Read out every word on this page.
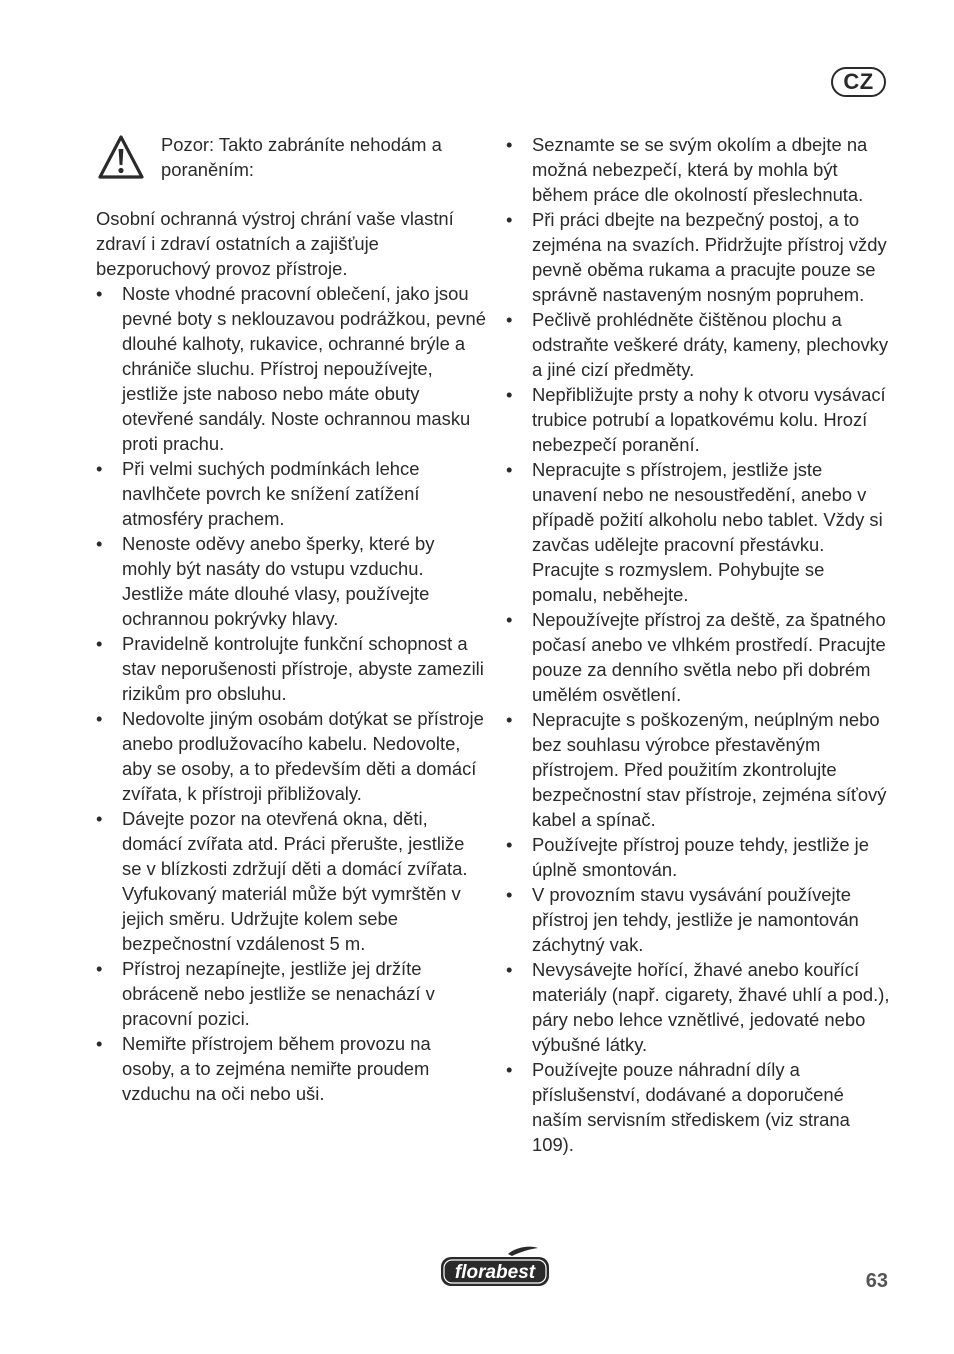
CZ
Pozor: Takto zabráníte nehodám a poraněním:

Osobní ochranná výstroj chrání vaše vlastní zdraví i zdraví ostatních a zajišťuje bezporuchový provoz přístroje.

•	Noste vhodné pracovní oblečení, jako jsou pevné boty s neklouzavou podrážkou, pevné dlouhé kalhoty, rukavice, ochranné brýle a chrániče sluchu. Přístroj nepoužívejte, jestliže jste naboso nebo máte obuty otevřené sandály. Noste ochrannou masku proti prachu.
•	Při velmi suchých podmínkách lehce navlhčete povrch ke snížení zatížení atmosféry prachem.
•	Nenoste oděvy anebo šperky, které by mohly být nasáty do vstupu vzduchu. Jestliže máte dlouhé vlasy, používejte ochrannou pokrývky hlavy.
•	Pravidelně kontrolujte funkční schopnost a stav neporušenosti přístroje, abyste zamezili rizikům pro obsluhu.
•	Nedovolte jiným osobám dotýkat se přístroje anebo prodlužovacího kabelu. Nedovolte, aby se osoby, a to především děti a domácí zvířata, k přístroji přibližovaly.
•	Dávejte pozor na otevřená okna, děti, domácí zvířata atd. Práci přerušte, jestliže se v blízkosti zdržují děti a domácí zvířata. Vyfukovaný materiál může být vymrštěn v jejich směru. Udržujte kolem sebe bezpečnostní vzdálenost 5 m.
•	Přístroj nezapínejte, jestliže jej držíte obráceně nebo jestliže se nenachází v pracovní pozici.
•	Nemiřte přístrojem během provozu na osoby, a to zejména nemiřte proudem vzduchu na oči nebo uši.
•	Seznamte se se svým okolím a dbejte na možná nebezpečí, která by mohla být během práce dle okolností přeslechnuta.
•	Při práci dbejte na bezpečný postoj, a to zejména na svazích. Přidržujte přístroj vždy pevně oběma rukama a pracujte pouze se správně nastaveným nosným popruhem.
•	Pečlivě prohlédněte čištěnou plochu a odstraňte veškeré dráty, kameny, plechovky a jiné cizí předměty.
•	Nepřibližujte prsty a nohy k otvoru vysávací trubice potrubí a lopatkovému kolu. Hrozí nebezpečí poranění.
•	Nepracujte s přístrojem, jestliže jste unavení nebo ne nesoustředění, anebo v případě požití alkoholu nebo tablet. Vždy si zavčas udělejte pracovní přestávku. Pracujte s rozmyslem. Pohybujte se pomalu, neběhejte.
•	Nepoužívejte přístroj za deště, za špatného počasí anebo ve vlhkém prostředí. Pracujte pouze za denního světla nebo při dobrém umělém osvětlení.
•	Nepracujte s poškozeným, neúplným nebo bez souhlasu výrobce přestavěným přístrojem. Před použitím zkontrolujte bezpečnostní stav přístroje, zejména síťový kabel a spínač.
•	Používejte přístroj pouze tehdy, jestliže je úplně smontován.
•	V provozním stavu vysávání používejte přístroj jen tehdy, jestliže je namontován záchytný vak.
•	Nevysávejte hořící, žhavé anebo kouřící materiály (např. cigarety, žhavé uhlí a pod.), páry nebo lehce vznětlivé, jedovaté nebo výbušné látky.
•	Používejte pouze náhradní díly a příslušenství, dodávané a doporučené naším servisním střediskem (viz strana 109).
florabest	63
